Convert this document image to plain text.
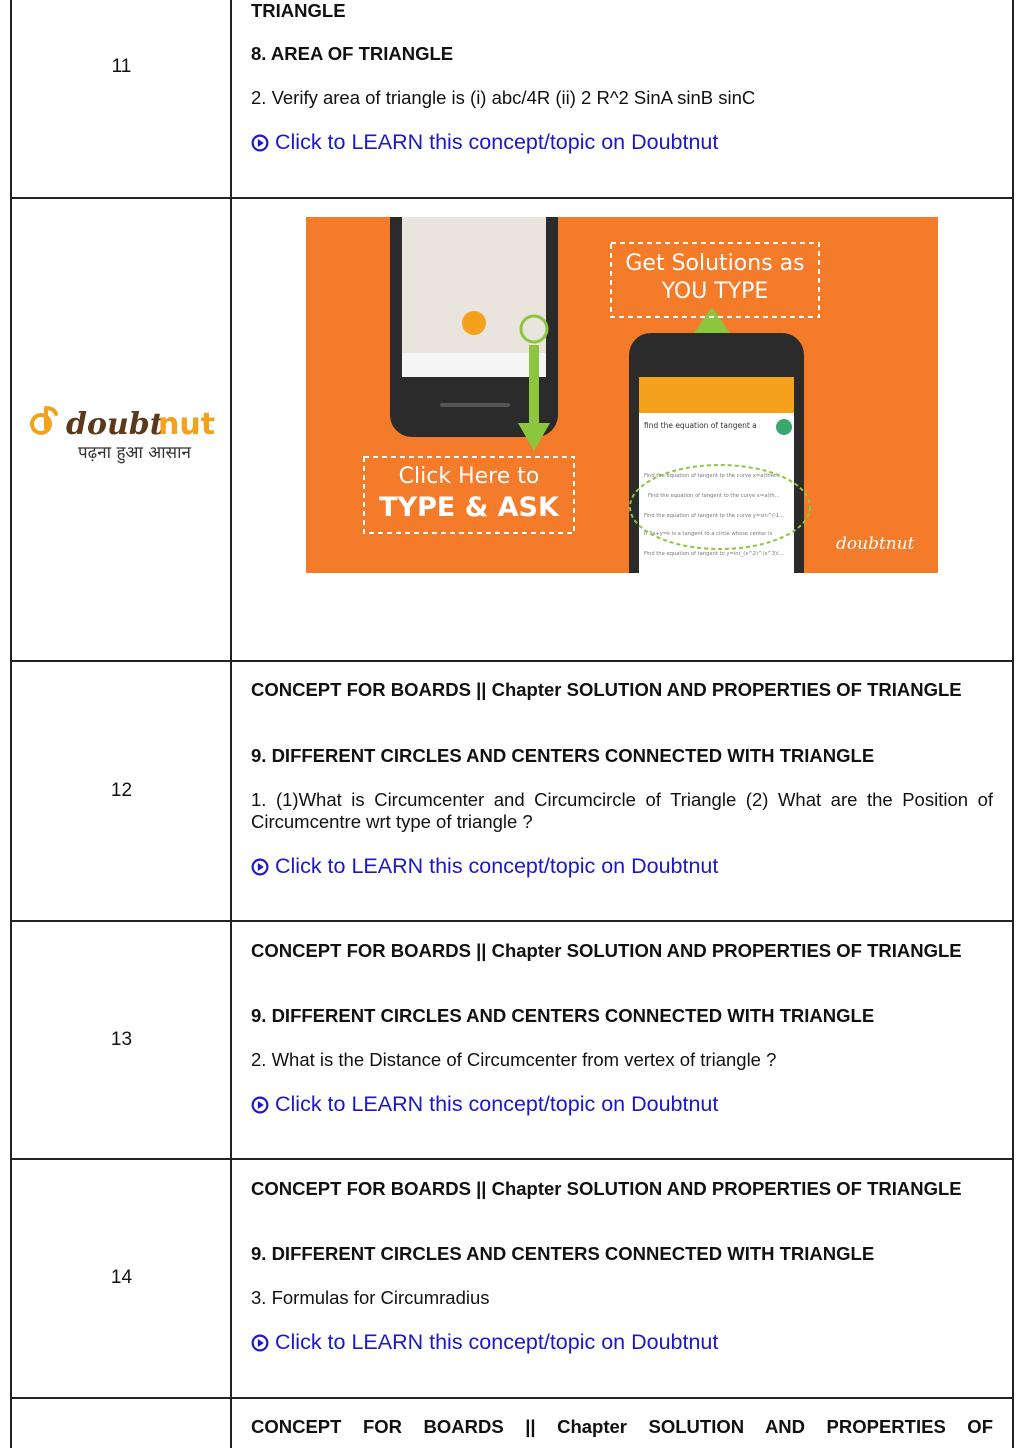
11

TRIANGLE

8. AREA OF TRIANGLE

2. Verify area of triangle is (i) abc/4R (ii) 2 R^2 SinA sinB sinC

Click to LEARN this concept/topic on Doubtnut
doubt
nut
पढ़ना हुआ आसान
find the equation of tangent a
Find the equation of tangent to the curve x=a(thet...
Find the equation of tangent to the curve x=a(th...
Find the equation of tangent to the curve y=sin^(-1...
If 3x+y=k is a tangent to a circle whose center is
Find the equation of tangent to y=int_(x^2)^(x^3)(...
Get Solutions as
YOU TYPE
Click Here to
TYPE & ASK
doubtnut
12

CONCEPT FOR BOARDS || Chapter SOLUTION AND PROPERTIES OF TRIANGLE

9. DIFFERENT CIRCLES AND CENTERS CONNECTED WITH TRIANGLE

1. (1)What is Circumcenter and Circumcircle of Triangle (2) What are the Position of Circumcentre wrt type of triangle ?

Click to LEARN this concept/topic on Doubtnut
13

CONCEPT FOR BOARDS || Chapter SOLUTION AND PROPERTIES OF TRIANGLE

9. DIFFERENT CIRCLES AND CENTERS CONNECTED WITH TRIANGLE

2. What is the Distance of Circumcenter from vertex of triangle ?

Click to LEARN this concept/topic on Doubtnut
14

CONCEPT FOR BOARDS || Chapter SOLUTION AND PROPERTIES OF TRIANGLE

9. DIFFERENT CIRCLES AND CENTERS CONNECTED WITH TRIANGLE

3. Formulas for Circumradius

Click to LEARN this concept/topic on Doubtnut

CONCEPT FOR BOARDS || Chapter SOLUTION AND PROPERTIES OF
